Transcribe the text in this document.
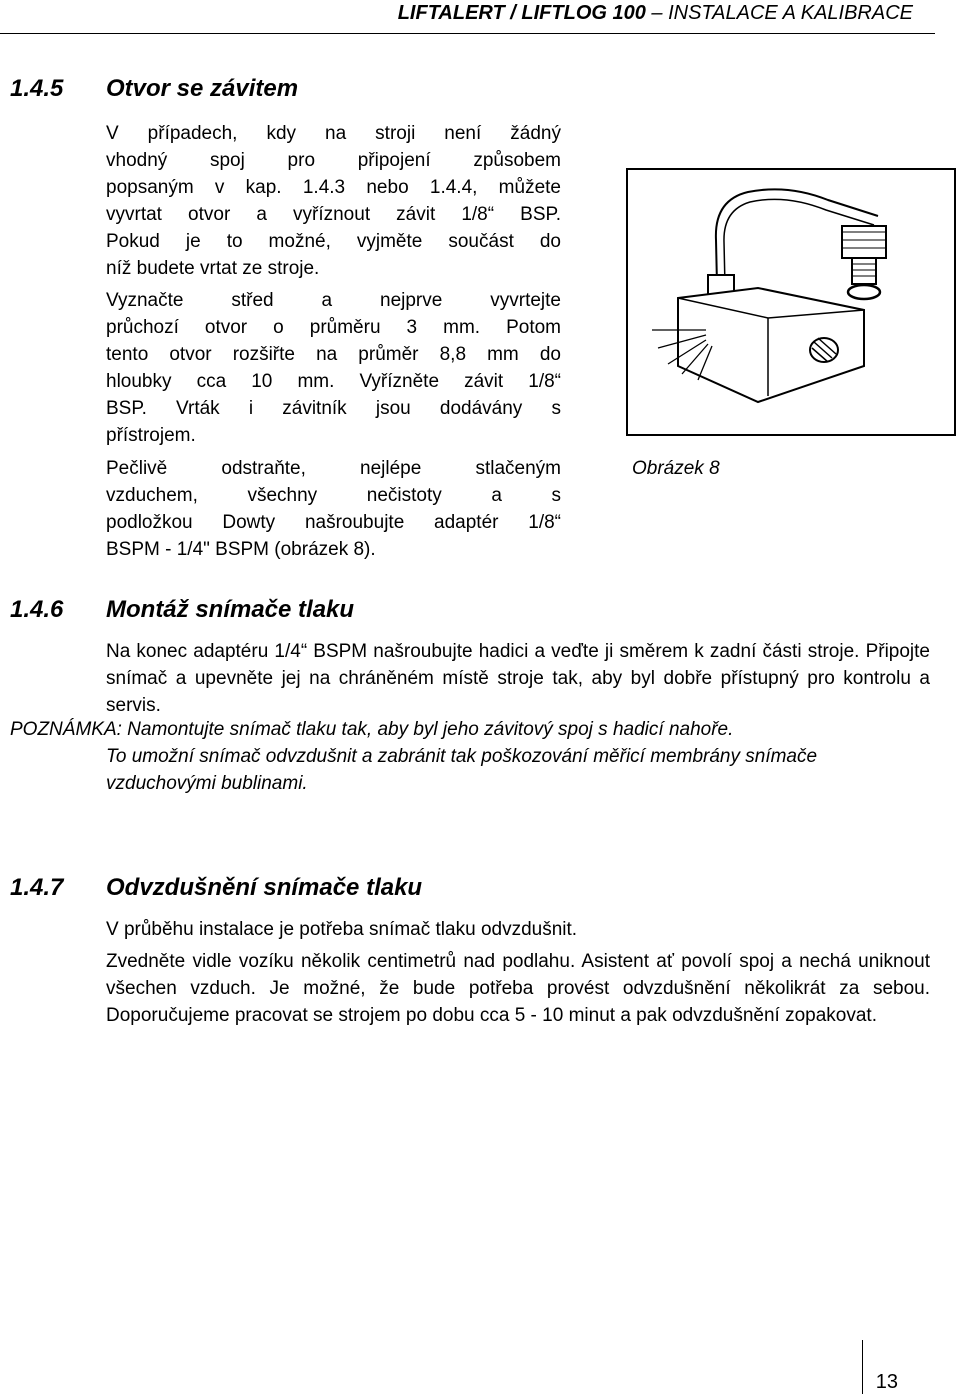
LIFTALERT / LIFTLOG 100 – INSTALACE A KALIBRACE
1.4.5 Otvor se závitem
V případech, kdy na stroji není žádný
vhodný spoj pro připojení způsobem
popsaným v kap. 1.4.3 nebo 1.4.4, můžete
vyvrtat otvor a vyříznout závit 1/8“ BSP.
Pokud je to možné, vyjměte součást do
níž budete vrtat ze stroje.
Vyznačte střed a nejprve vyvrtejte
průchozí otvor o průměru 3 mm. Potom
tento otvor rozšiřte na průměr 8,8 mm do
hloubky cca 10 mm. Vyřízněte závit 1/8“
BSP. Vrták i závitník jsou dodávány s
přístrojem.
Pečlivě odstraňte, nejlépe stlačeným
vzduchem, všechny nečistoty a s
podložkou Dowty našroubujte adaptér 1/8“
BSPM - 1/4" BSPM (obrázek 8).
Obrázek 8
1.4.6 Montáž snímače tlaku

Na konec adaptéru 1/4“ BSPM našroubujte hadici a veďte ji směrem k zadní části stroje. Připojte snímač a upevněte jej na chráněném místě stroje tak, aby byl dobře přístupný pro kontrolu a servis.

POZNÁMKA: Namontujte snímač tlaku tak, aby byl jeho závitový spoj s hadicí nahoře.
To umožní snímač odvzdušnit a zabránit tak poškozování měřicí membrány snímače vzduchovými bublinami.

1.4.7 Odvzdušnění snímače tlaku

V průběhu instalace je potřeba snímač tlaku odvzdušnit.

Zvedněte vidle vozíku několik centimetrů nad podlahu. Asistent ať povolí spoj a nechá uniknout všechen vzduch. Je možné, že bude potřeba provést odvzdušnění několikrát za sebou. Doporučujeme pracovat se strojem po dobu cca 5 - 10 minut a pak odvzdušnění zopakovat.

13
